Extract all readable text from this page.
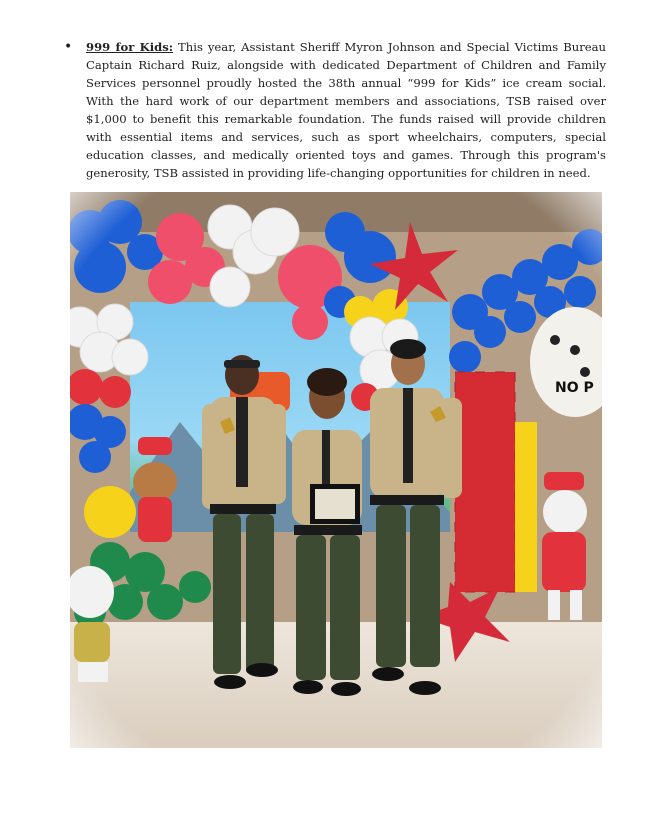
• 999 for Kids: This year, Assistant Sheriff Myron Johnson and Special Victims Bureau Captain Richard Ruiz, alongside with dedicated Department of Children and Family Services personnel proudly hosted the 38th annual “999 for Kids” ice cream social. With the hard work of our department members and associations, TSB raised over $1,000 to benefit this remarkable foundation. The funds raised will provide children with essential items and services, such as sport wheelchairs, computers, special education classes, and medically oriented toys and games. Through this program's generosity, TSB assisted in providing life-changing opportunities for children in need.
